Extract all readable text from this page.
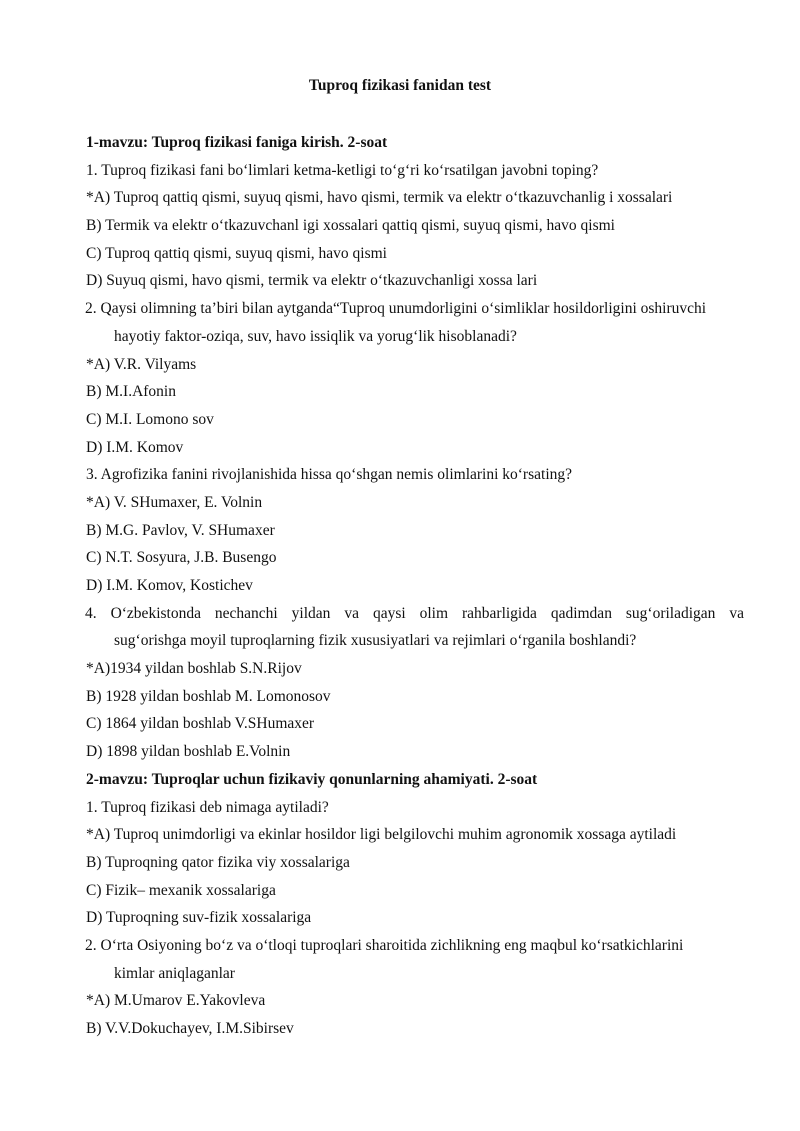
Tuproq fizikasi fanidan test
1-mavzu: Tuproq fizikasi faniga kirish. 2-soat
1. Tuproq fizikasi fani bo‘limlari ketma-ketligi to‘g‘ri ko‘rsatilgan javobni toping?
*A) Tuproq qattiq qismi, suyuq qismi, havo qismi, termik va elektr o‘tkazuvchanlig i xossalari
B) Termik va elektr o‘tkazuvchanl igi xossalari qattiq qismi, suyuq qismi, havo qismi
C) Tuproq qattiq qismi, suyuq qismi, havo qismi
D) Suyuq qismi, havo qismi, termik va elektr o‘tkazuvchanligi xossa lari
2. Qaysi olimning ta’biri bilan aytganda“Tuproq unumdorligini o‘simliklar hosildorligini oshiruvchi
hayotiy faktor-oziqa, suv, havo issiqlik va yorug‘lik hisoblanadi?
*A) V.R. Vilyams
B) M.I.Afonin
C) M.I. Lomono sov
D) I.M. Komov
3. Agrofizika fanini rivojlanishida hissa qo‘shgan nemis olimlarini ko‘rsating?
*A) V. SHumaxer, E. Volnin
B) M.G. Pavlov, V. SHumaxer
C) N.T. Sosyura, J.B. Busengo
D) I.M. Komov, Kostichev
4. O‘zbekistonda nechanchi yildan va qaysi olim rahbarligida qadimdan sug‘oriladigan va
sug‘orishga moyil tuproqlarning fizik xususiyatlari va rejimlari o‘rganila boshlandi?
*A)1934 yildan boshlab S.N.Rijov
B) 1928 yildan boshlab M. Lomonosov
C) 1864 yildan boshlab V.SHumaxer
D) 1898 yildan boshlab E.Volnin
2-mavzu: Tuproqlar uchun fizikaviy qonunlarning ahamiyati. 2-soat
1. Tuproq fizikasi deb nimaga aytiladi?
*A) Tuproq unimdorligi va ekinlar hosildor ligi belgilovchi muhim agronomik xossaga aytiladi
B) Tuproqning qator fizika viy xossalariga
C) Fizik– mexanik xossalariga
D) Tuproqning suv-fizik xossalariga
2. O‘rta Osiyoning bo‘z va o‘tloqi tuproqlari sharoitida zichlikning eng maqbul ko‘rsatkichlarini
kimlar aniqlaganlar
*A) M.Umarov E.Yakovleva
B) V.V.Dokuchayev, I.M.Sibirsev
